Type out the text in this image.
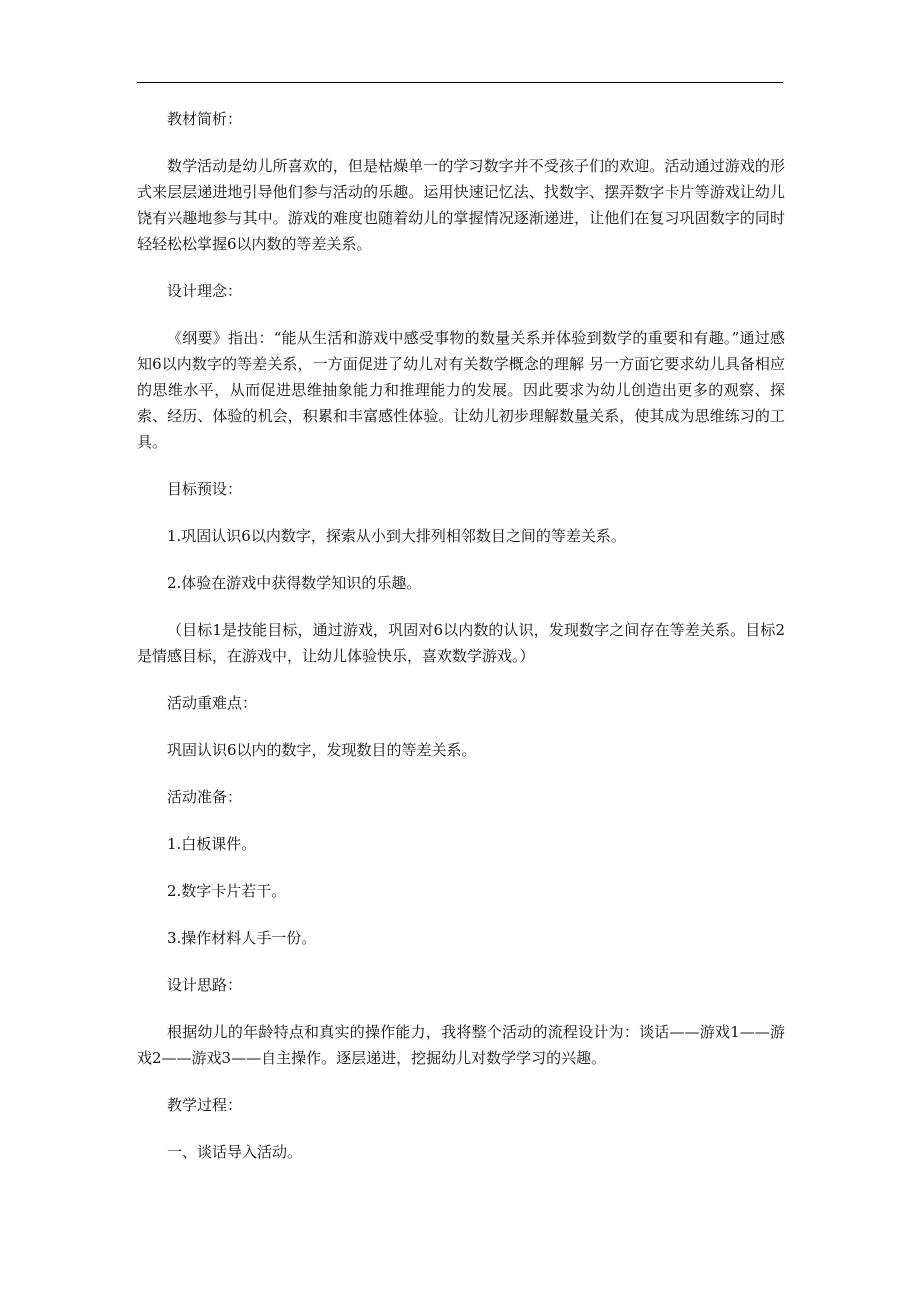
教材简析：

数学活动是幼儿所喜欢的，但是枯燥单一的学习数字并不受孩子们的欢迎。活动通过游戏的形式来层层递进地引导他们参与活动的乐趣。运用快速记忆法、找数字、摆弄数字卡片等游戏让幼儿饶有兴趣地参与其中。游戏的难度也随着幼儿的掌握情况逐渐递进，让他们在复习巩固数字的同时轻轻松松掌握6以内数的等差关系。

设计理念：

《纲要》指出：“能从生活和游戏中感受事物的数量关系并体验到数学的重要和有趣。”通过感知6以内数字的等差关系，一方面促进了幼儿对有关数学概念的理解 另一方面它要求幼儿具备相应的思维水平，从而促进思维抽象能力和推理能力的发展。因此要求为幼儿创造出更多的观察、探索、经历、体验的机会，积累和丰富感性体验。让幼儿初步理解数量关系，使其成为思维练习的工具。

目标预设：

1.巩固认识6以内数字，探索从小到大排列相邻数目之间的等差关系。

2.体验在游戏中获得数学知识的乐趣。

（目标1是技能目标，通过游戏，巩固对6以内数的认识，发现数字之间存在等差关系。目标2是情感目标，在游戏中，让幼儿体验快乐，喜欢数学游戏。）

活动重难点：

巩固认识6以内的数字，发现数目的等差关系。

活动准备：

1.白板课件。

2.数字卡片若干。

3.操作材料人手一份。

设计思路：

根据幼儿的年龄特点和真实的操作能力，我将整个活动的流程设计为：谈话——游戏1——游戏2——游戏3——自主操作。逐层递进，挖掘幼儿对数学学习的兴趣。

教学过程：

一、谈话导入活动。
